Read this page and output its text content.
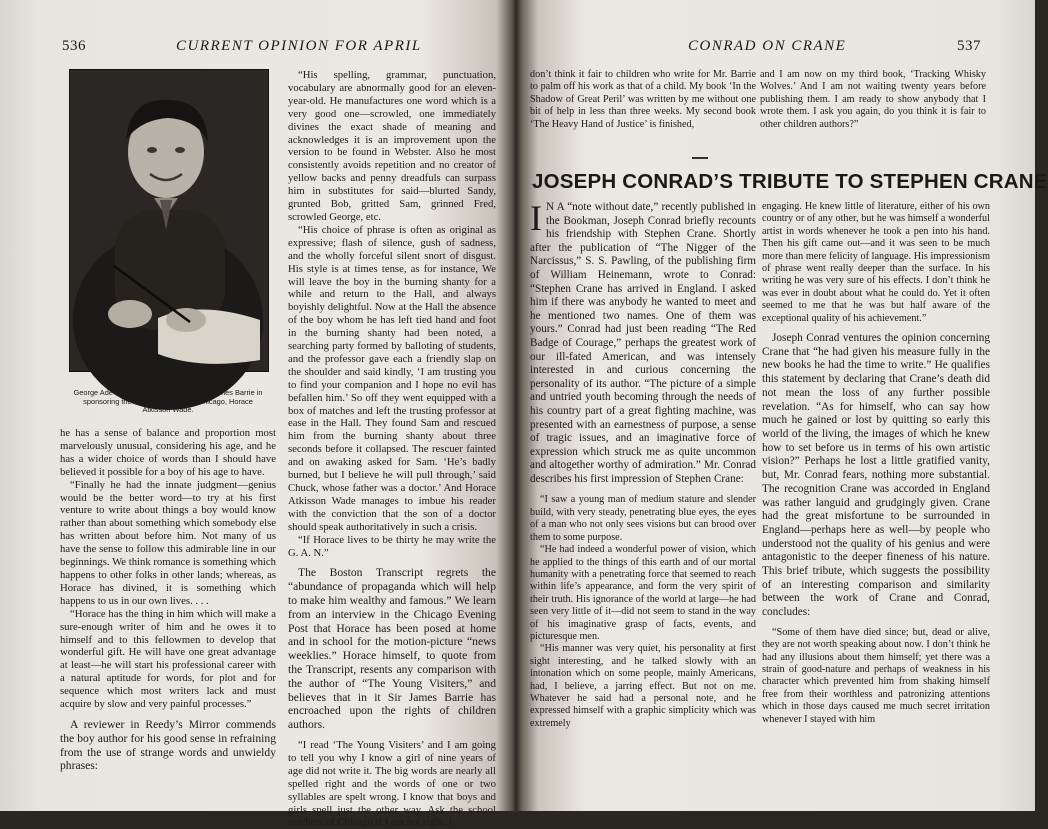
536	CURRENT OPINION FOR APRIL
AIDED BY ADE
George Ade follows in the footsteps of Sir James Barrie in sponsoring the new child author of Chicago, Horace Atkisson Wade.

he has a sense of balance and proportion most marvelously unusual, considering his age, and he has a wider choice of words than I should have believed it possible for a boy of his age to have.

“Finally he had the innate judgment—genius would be the better word—to try at his first venture to write about things a boy would know rather than about something which somebody else has written about before him. Not many of us have the sense to follow this admirable line in our beginnings. We think romance is something which happens to other folks in other lands; whereas, as Horace has divined, it is something which happens to us in our own lives. . . .

“Horace has the thing in him which will make a sure-enough writer of him and he owes it to himself and to this fellowmen to develop that wonderful gift. He will have one great advantage at least—he will start his professional career with a natural aptitude for words, for plot and for sequence which most writers lack and must acquire by slow and very painful processes.”

A reviewer in Reedy’s Mirror commends the boy author for his good sense in refraining from the use of strange words and unwieldy phrases:

“His spelling, grammar, punctuation, vocabulary are abnormally good for an eleven-year-old. He manufactures one word which is a very good one—scrowled, one immediately divines the exact shade of meaning and acknowledges it is an improvement upon the version to be found in Webster. Also he most consistently avoids repetition and no creator of yellow backs and penny dreadfuls can surpass him in substitutes for said—blurted Sandy, grunted Bob, gritted Sam, grinned Fred, scrowled George, etc.

“His choice of phrase is often as original as expressive; flash of silence, gush of sadness, and the wholly forceful silent snort of disgust. His style is at times tense, as for instance, We will leave the boy in the burning shanty for a while and return to the Hall, and always boyishly delightful. Now at the Hall the absence of the boy whom he has left tied hand and foot in the burning shanty had been noted, a searching party formed by balloting of students, and the professor gave each a friendly slap on the shoulder and said kindly, ‘I am trusting you to find your companion and I hope no evil has befallen him.’ So off they went equipped with a box of matches and left the trusting professor at ease in the Hall. They found Sam and rescued him from the burning shanty about three seconds before it collapsed. The rescuer fainted and on awaking asked for Sam. ‘He’s badly burned, but I believe he will pull through,’ said Chuck, whose father was a doctor.’ And Horace Atkisson Wade manages to imbue his reader with the conviction that the son of a doctor should speak authoritatively in such a crisis.

“If Horace lives to be thirty he may write the G. A. N.”

The Boston Transcript regrets the “abundance of propaganda which will help to make him wealthy and famous.” We learn from an interview in the Chicago Evening Post that Horace has been posed at home and in school for the motion-picture “news weeklies.” Horace himself, to quote from the Transcript, resents any comparison with the author of “The Young Visiters,” and believes that in it Sir James Barrie has encroached upon the rights of children authors.

“I read ‘The Young Visiters’ and I am going to tell you why I know a girl of nine years of age did not write it. The big words are nearly all spelled right and the words of one or two syllables are spelt wrong. I know that boys and girls spell just the other way. Ask the school teachers of Chicago if I am not right. I

CONRAD ON CRANE	537

don’t think it fair to children who write for Mr. Barrie to palm off his work as that of a child. My book ‘In the Shadow of Great Peril’ was written by me without one bit of help in less than three weeks. My second book ‘The Heavy Hand of Justice’ is finished,

and I am now on my third book, ‘Tracking Whisky Wolves.’ And I am not waiting twenty years before publishing them. I am ready to show anybody that I wrote them. I ask you again, do you think it is fair to other children authors?”

JOSEPH CONRAD’S TRIBUTE TO STEPHEN CRANE

I N A “note without date,” recently published in the Bookman, Joseph Conrad briefly recounts his friendship with Stephen Crane. Shortly after the publication of “The Nigger of the Narcissus,” S. S. Pawling, of the publishing firm of William Heinemann, wrote to Conrad: “Stephen Crane has arrived in England. I asked him if there was anybody he wanted to meet and he mentioned two names. One of them was yours.” Conrad had just been reading “The Red Badge of Courage,” perhaps the greatest work of our ill-fated American, and was intensely interested in and curious concerning the personality of its author. “The picture of a simple and untried youth becoming through the needs of his country part of a great fighting machine, was presented with an earnestness of purpose, a sense of tragic issues, and an imaginative force of expression which struck me as quite uncommon and altogether worthy of admiration.” Mr. Conrad describes his first impression of Stephen Crane:

“I saw a young man of medium stature and slender build, with very steady, penetrating blue eyes, the eyes of a man who not only sees visions but can brood over them to some purpose.

“He had indeed a wonderful power of vision, which he applied to the things of this earth and of our mortal humanity with a penetrating force that seemed to reach within life’s appearance, and form the very spirit of their truth. His ignorance of the world at large—he had seen very little of it—did not seem to stand in the way of his imaginative grasp of facts, events, and picturesque men.

“His manner was very quiet, his personality at first sight interesting, and he talked slowly with an intonation which on some people, mainly Americans, had, I believe, a jarring effect. But not on me. Whatever he said had a personal note, and he expressed himself with a graphic simplicity which was extremely

engaging. He knew little of literature, either of his own country or of any other, but he was himself a wonderful artist in words whenever he took a pen into his hand. Then his gift came out—and it was seen to be much more than mere felicity of language. His impressionism of phrase went really deeper than the surface. In his writing he was very sure of his effects. I don’t think he was ever in doubt about what he could do. Yet it often seemed to me that he was but half aware of the exceptional quality of his achievement.”

Joseph Conrad ventures the opinion concerning Crane that “he had given his measure fully in the new books he had the time to write.” He qualifies this statement by declaring that Crane’s death did not mean the loss of any further possible revelation. “As for himself, who can say how much he gained or lost by quitting so early this world of the living, the images of which he knew how to set before us in terms of his own artistic vision?” Perhaps he lost a little gratified vanity, but, Mr. Conrad fears, nothing more substantial. The recognition Crane was accorded in England was rather languid and grudgingly given. Crane had the great misfortune to be surrounded in England—perhaps here as well—by people who understood not the quality of his genius and were antagonistic to the deeper fineness of his nature. This brief tribute, which suggests the possibility of an interesting comparison and similarity between the work of Crane and Conrad, concludes:

“Some of them have died since; but, dead or alive, they are not worth speaking about now. I don’t think he had any illusions about them himself; yet there was a strain of good-nature and perhaps of weakness in his character which prevented him from shaking himself free from their worthless and patronizing attentions which in those days caused me much secret irritation whenever I stayed with him
